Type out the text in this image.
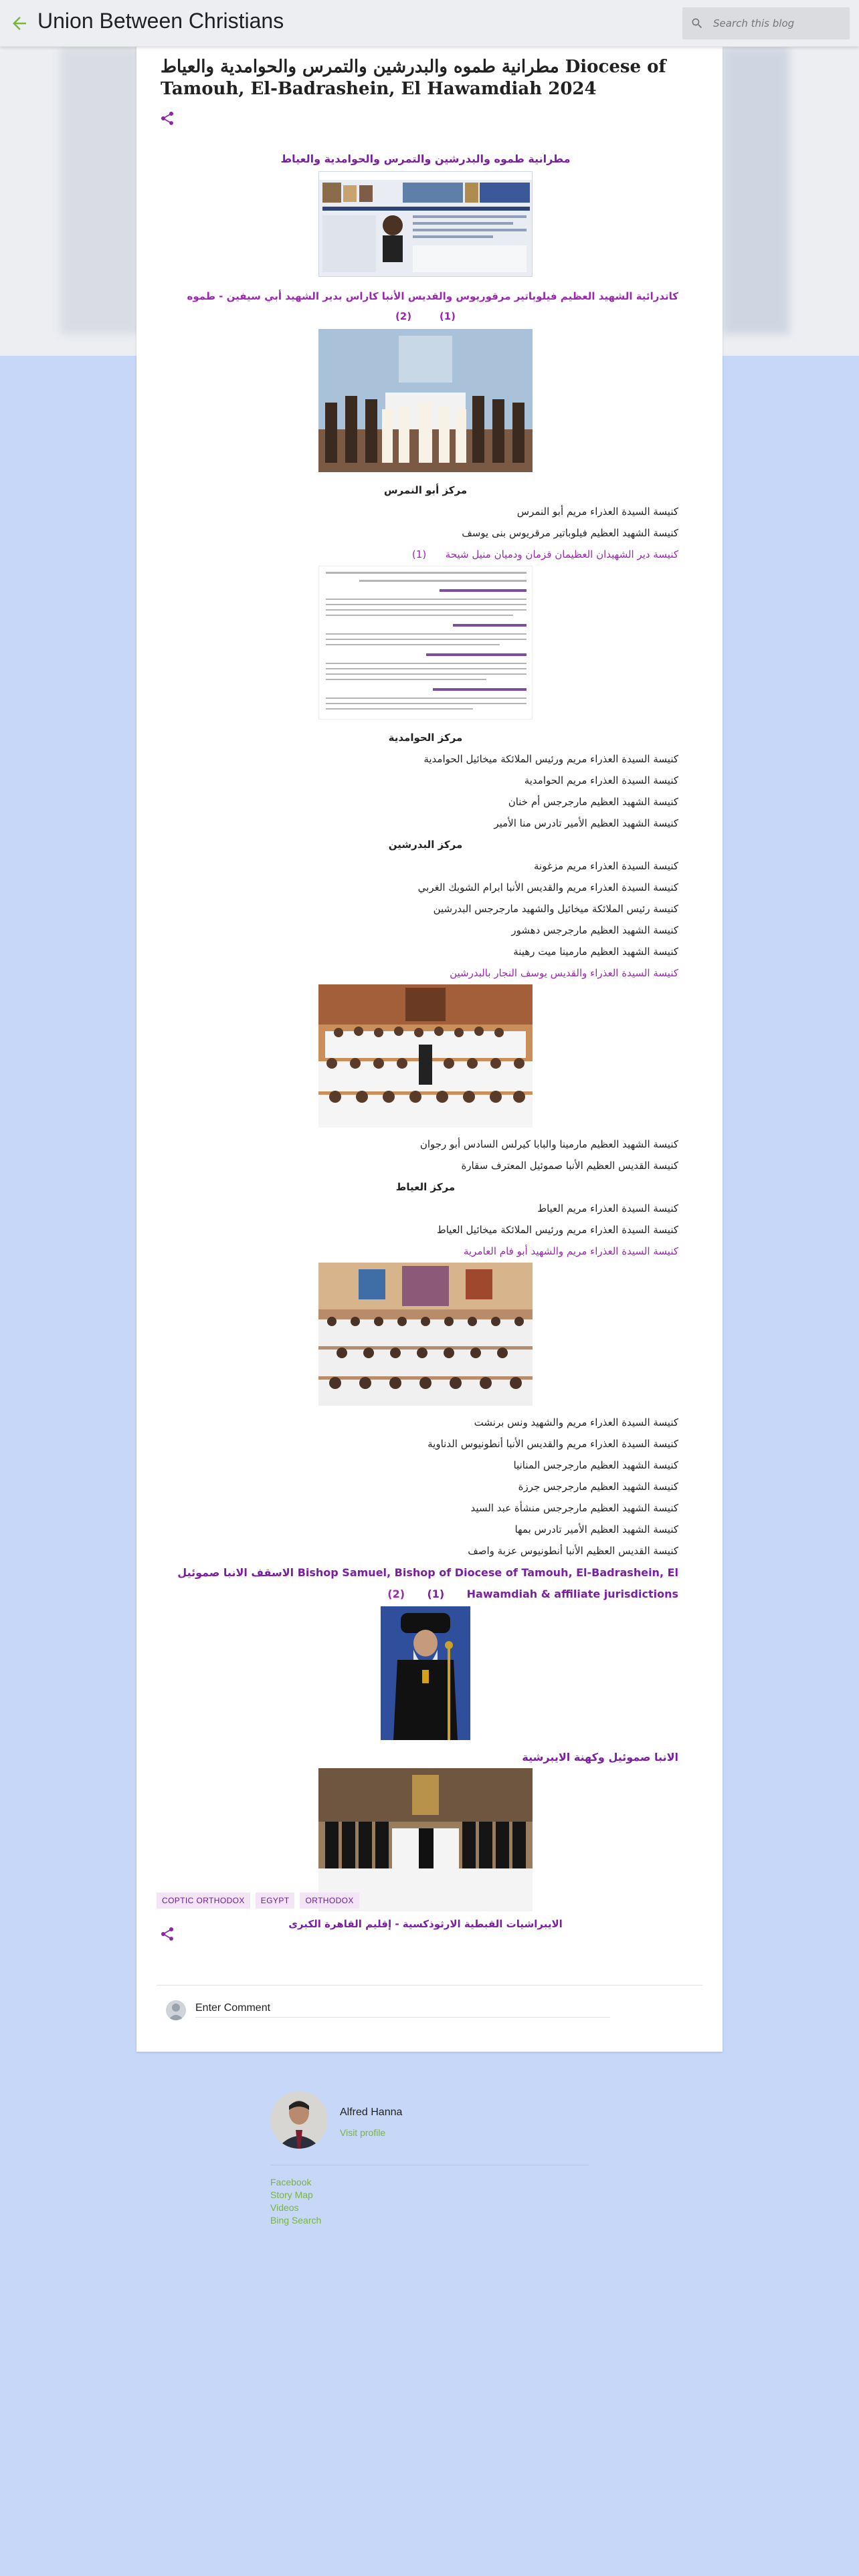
Union Between Christians
Search this blog
مطرانية طموه والبدرشين والتمرس والحوامدية والعياط Diocese of Tamouh, El-Badrashein, El Hawamdiah 2024
مطرانية طموه والبدرشين والتمرس والحوامدية والعياط
كاتدرائية الشهيد العظيم فيلوباتير مرقوريوس والقديس الأنبا كاراس بدير الشهيد أبي سيفين - طموه
(2)	(1)
مركز أبو النمرس
كنيسة السيدة العذراء مريم أبو النمرس
كنيسة الشهيد العظيم فيلوباتير مرقريوس بنى يوسف
(1) كنيسة دير الشهيدان العظيمان قزمان ودميان منيل شيحة
مركز الحوامدية
كنيسة السيدة العذراء مريم ورئيس الملائكة ميخائيل الحوامدية
كنيسة السيدة العذراء مريم الحوامدية
كنيسة الشهيد العظيم مارجرجس أم خنان
كنيسة الشهيد العظيم الأمير تادرس منا الأمير
مركز البدرشين
كنيسة السيدة العذراء مريم مزغونة
كنيسة السيدة العذراء مريم والقديس الأنبا ابرام الشوبك الغربي
كنيسة رئيس الملائكة ميخائيل والشهيد مارجرجس البدرشين
كنيسة الشهيد العظيم مارجرجس دهشور
كنيسة الشهيد العظيم مارمينا ميت رهينة
كنيسة السيدة العذراء والقديس يوسف النجار بالبدرشين
كنيسة الشهيد العظيم مارمينا والبابا كيرلس السادس أبو رجوان
كنيسة القديس العظيم الأنبا صموئيل المعترف سقارة
مركز العياط
كنيسة السيدة العذراء مريم العياط
كنيسة السيدة العذراء مريم ورئيس الملائكة ميخائيل العياط
كنيسة السيدة العذراء مريم والشهيد أبو فام العامرية
كنيسة السيدة العذراء مريم والشهيد ونس برنشت
كنيسة السيدة العذراء مريم والقديس الأنبا أنطونيوس الدناوية
كنيسة الشهيد العظيم مارجرجس المنانيا
كنيسة الشهيد العظيم مارجرجس جرزة
كنيسة الشهيد العظيم مارجرجس منشأة عبد السيد
كنيسة الشهيد العظيم الأمير تادرس بمها
كنيسة القديس العظيم الأنبا أنطونيوس عزبة واصف
الاسقف الانبا صموئيل Bishop Samuel, Bishop of Diocese of Tamouh, El-Badrashein, El
(2) (1) Hawamdiah & affiliate jurisdictions
الانبا صموئيل وكهنة الايبرشية
الايبراشيات القبطية الارثوذكسية - إقليم القاهرة الكبرى
COPTIC ORTHODOX EGYPT ORTHODOX
Enter Comment
Alfred Hanna
Visit profile
Facebook
Story Map
Videos
Bing Search
